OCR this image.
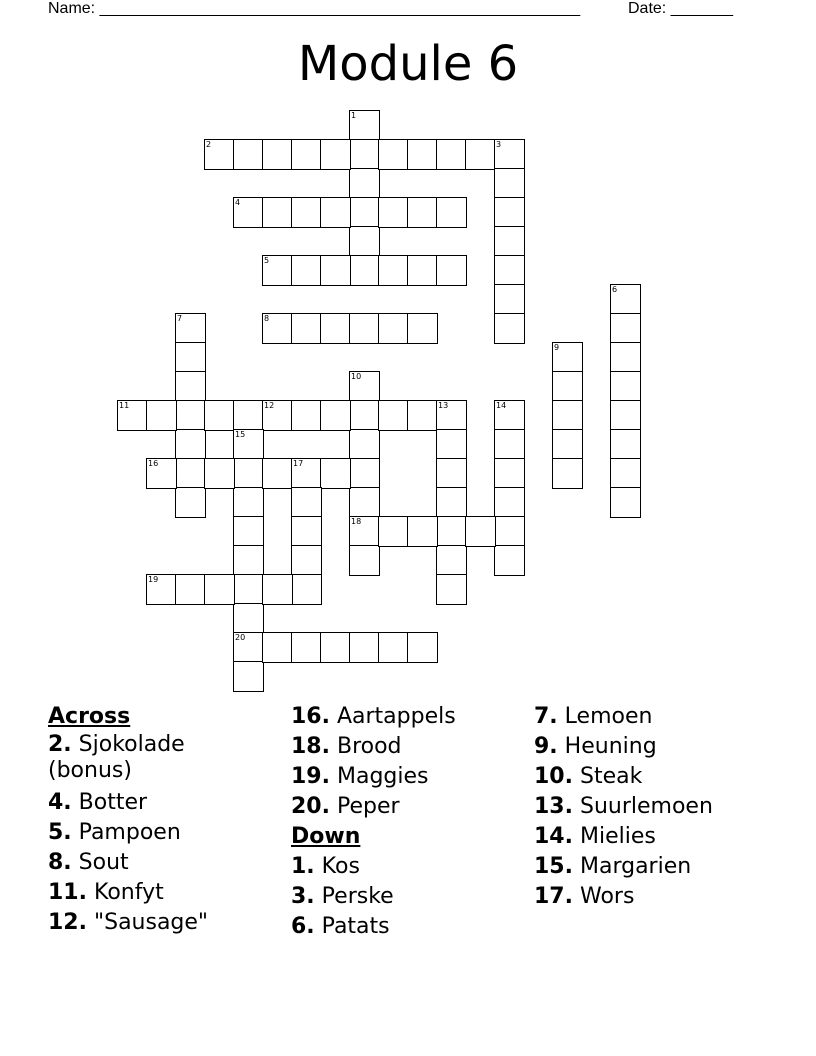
Name: ______________________________________________________	Date: _______
Module 6
1
2	3
4
5
6
7	8
9
10
18
11	12	13	14
15
20
16	17
19
Across
2. Sjokolade (bonus)
4. Botter
5. Pampoen
8. Sout
11. Konfyt
12. "Sausage"
16. Aartappels
18. Brood
19. Maggies
20. Peper
Down
1. Kos
3. Perske
6. Patats
7. Lemoen
9. Heuning
10. Steak
13. Suurlemoen
14. Mielies
15. Margarien
17. Wors
